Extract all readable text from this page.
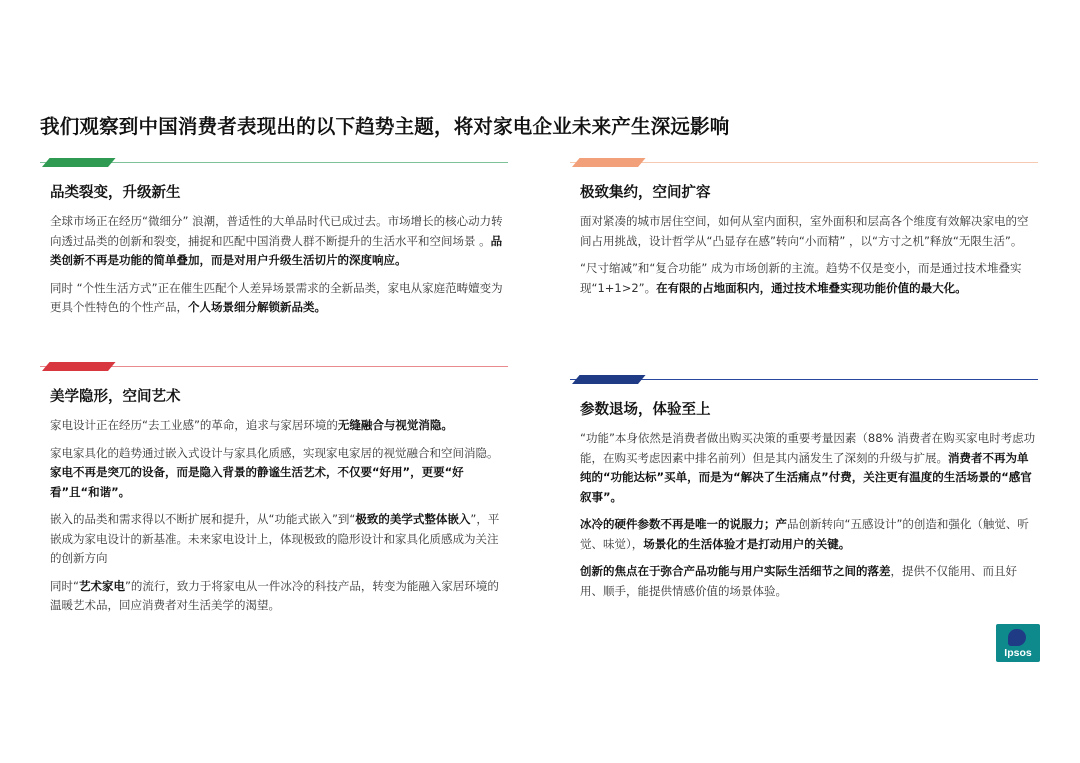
我们观察到中国消费者表现出的以下趋势主题，将对家电企业未来产生深远影响
品类裂变，升级新生

全球市场正在经历“微细分” 浪潮，普适性的大单品时代已成过去。市场增长的核心动力转向透过品类的创新和裂变，捕捉和匹配中国消费人群不断提升的生活水平和空间场景 。品类创新不再是功能的简单叠加，而是对用户升级生活切片的深度响应。

同时 “个性生活方式”正在催生匹配个人差异场景需求的全新品类，家电从家庭范畴嬗变为更具个性特色的个性产品，个人场景细分解锁新品类。

极致集约，空间扩容

面对紧凑的城市居住空间，如何从室内面积，室外面积和层高各个维度有效解决家电的空间占用挑战，设计哲学从“凸显存在感”转向“小而精” ，以“方寸之机”释放“无限生活”。

“尺寸缩减”和“复合功能” 成为市场创新的主流。趋势不仅是变小，而是通过技术堆叠实现“1+1>2”。在有限的占地面积内，通过技术堆叠实现功能价值的最大化。

美学隐形，空间艺术

家电设计正在经历“去工业感”的革命，追求与家居环境的无缝融合与视觉消隐。

家电家具化的趋势通过嵌入式设计与家具化质感，实现家电家居的视觉融合和空间消隐。家电不再是突兀的设备，而是隐入背景的静谧生活艺术，不仅要“好用”，更要“好看”且“和谐”。

嵌入的品类和需求得以不断扩展和提升，从“功能式嵌入”到“极致的美学式整体嵌入”，平嵌成为家电设计的新基准。未来家电设计上，体现极致的隐形设计和家具化质感成为关注的创新方向

同时“艺术家电”的流行，致力于将家电从一件冰冷的科技产品，转变为能融入家居环境的温暖艺术品，回应消费者对生活美学的渴望。

参数退场，体验至上

“功能”本身依然是消费者做出购买决策的重要考量因素（88% 消费者在购买家电时考虑功能，在购买考虑因素中排名前列）但是其内涵发生了深刻的升级与扩展。消费者不再为单纯的“功能达标”买单，而是为“解决了生活痛点”付费，关注更有温度的生活场景的“感官叙事”。

冰冷的硬件参数不再是唯一的说服力；产品创新转向“五感设计”的创造和强化（触觉、听觉、味觉），场景化的生活体验才是打动用户的关键。

创新的焦点在于弥合产品功能与用户实际生活细节之间的落差，提供不仅能用、而且好用、顺手，能提供情感价值的场景体验。

Ipsos
